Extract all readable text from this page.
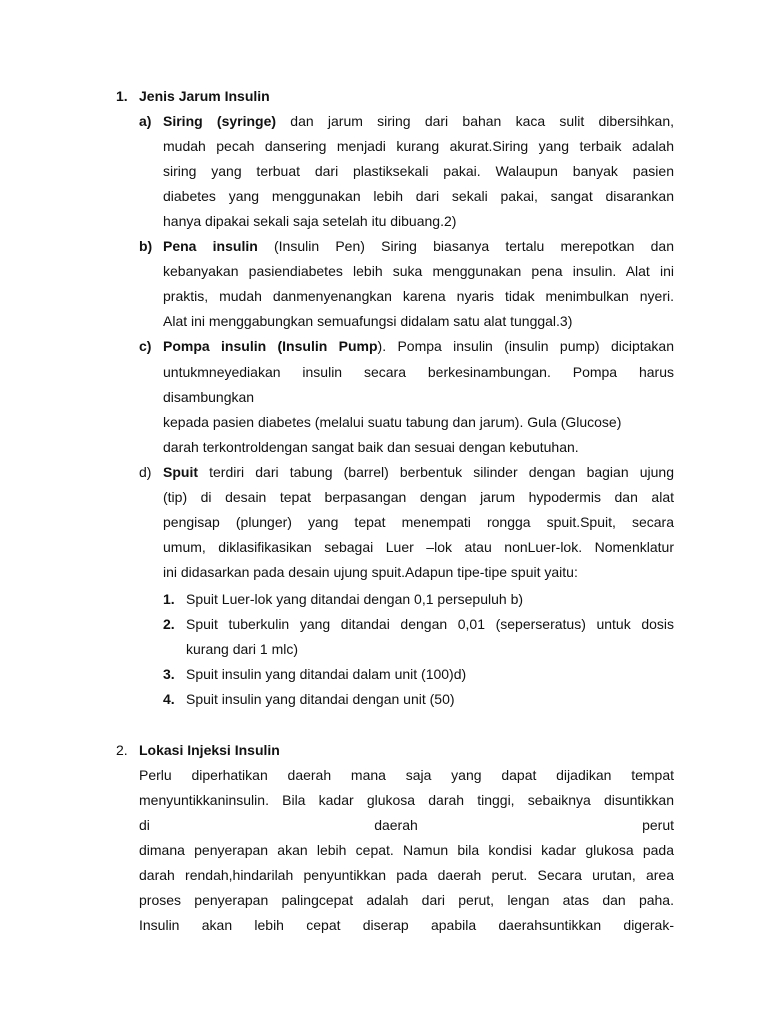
1. Jenis Jarum Insulin
a) Siring (syringe) dan jarum siring dari bahan kaca sulit dibersihkan,
mudah pecah dansering menjadi kurang akurat.Siring yang terbaik adalah
siring yang terbuat dari plastiksekali pakai. Walaupun banyak pasien
diabetes yang menggunakan lebih dari sekali pakai, sangat disarankan
hanya dipakai sekali saja setelah itu dibuang.2)
b) Pena insulin (Insulin Pen) Siring biasanya tertalu merepotkan dan
kebanyakan pasiendiabetes lebih suka menggunakan pena insulin. Alat ini
praktis, mudah danmenyenangkan karena nyaris tidak menimbulkan nyeri.
Alat ini menggabungkan semuafungsi didalam satu alat tunggal.3)
c) Pompa insulin (Insulin Pump). Pompa insulin (insulin pump) diciptakan
untukmneyediakan insulin secara berkesinambungan. Pompa harus
disambungkan
kepada pasien diabetes (melalui suatu tabung dan jarum). Gula (Glucose)
darah terkontroldengan sangat baik dan sesuai dengan kebutuhan.
d) Spuit terdiri dari tabung (barrel) berbentuk silinder dengan bagian ujung
(tip) di desain tepat berpasangan dengan jarum hypodermis dan alat
pengisap (plunger) yang tepat menempati rongga spuit.Spuit, secara
umum, diklasifikasikan sebagai Luer –lok atau nonLuer-lok. Nomenklatur
ini didasarkan pada desain ujung spuit.Adapun tipe-tipe spuit yaitu:
1. Spuit Luer-lok yang ditandai dengan 0,1 persepuluh b)
2. Spuit tuberkulin yang ditandai dengan 0,01 (seperseratus) untuk dosis
kurang dari 1 mlc)
3. Spuit insulin yang ditandai dalam unit (100)d)
4. Spuit insulin yang ditandai dengan unit (50)
2. Lokasi Injeksi Insulin
Perlu diperhatikan daerah mana saja yang dapat dijadikan tempat
menyuntikkaninsulin. Bila kadar glukosa darah tinggi, sebaiknya disuntikkan
di daerah perut
dimana penyerapan akan lebih cepat. Namun bila kondisi kadar glukosa pada
darah rendah,hindarilah penyuntikkan pada daerah perut. Secara urutan, area
proses penyerapan palingcepat adalah dari perut, lengan atas dan paha.
Insulin akan lebih cepat diserap apabila daerahsuntikkan digerak-
